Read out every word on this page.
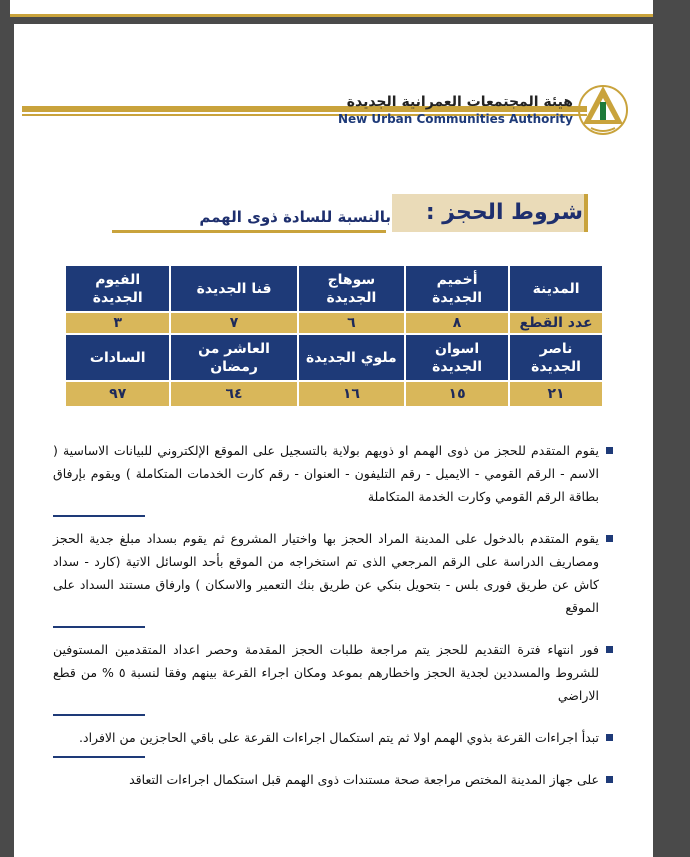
هيئة المجتمعات العمرانية الجديدة
New Urban Communities Authority
شروط الحجز :
بالنسبة للسادة ذوى الهمم
المدينة	أخميم الجديدة	سوهاج الجديدة	قنا الجديدة	الفيوم الجديدة
عدد القطع	٨	٦	٧	٣
ناصر الجديدة	اسوان الجديدة	ملوي الجديدة	العاشر من رمضان	السادات
٢١	١٥	١٦	٦٤	٩٧
يقوم المتقدم للحجز من ذوى الهمم او ذويهم بولاية بالتسجيل على الموقع الإلكتروني للبيانات الاساسية ( الاسم - الرقم القومي - الايميل - رقم التليفون - العنوان - رقم كارت الخدمات المتكاملة ) ويقوم بإرفاق بطاقة الرقم القومي وكارت الخدمة المتكاملة
يقوم المتقدم بالدخول على المدينة المراد الحجز بها واختيار المشروع ثم يقوم بسداد مبلغ جدية الحجز ومصاريف الدراسة على الرقم المرجعي الذى تم استخراجه من الموقع بأحد الوسائل الاتية (كارد - سداد كاش عن طريق فورى بلس - بتحويل بنكي عن طريق بنك التعمير والاسكان ) وارفاق مستند السداد على الموقع
فور انتهاء فترة التقديم للحجز يتم مراجعة طلبات الحجز المقدمة وحصر اعداد المتقدمين المستوفين للشروط والمسددين لجدية الحجز واخطارهم بموعد ومكان اجراء القرعة بينهم وفقا لنسبة ٥ % من قطع الاراضي
تبدأ اجراءات القرعة بذوي الهمم اولا ثم يتم استكمال اجراءات القرعة على باقي الحاجزين من الافراد.
على جهاز المدينة المختص مراجعة صحة مستندات ذوى الهمم قبل استكمال اجراءات التعاقد
